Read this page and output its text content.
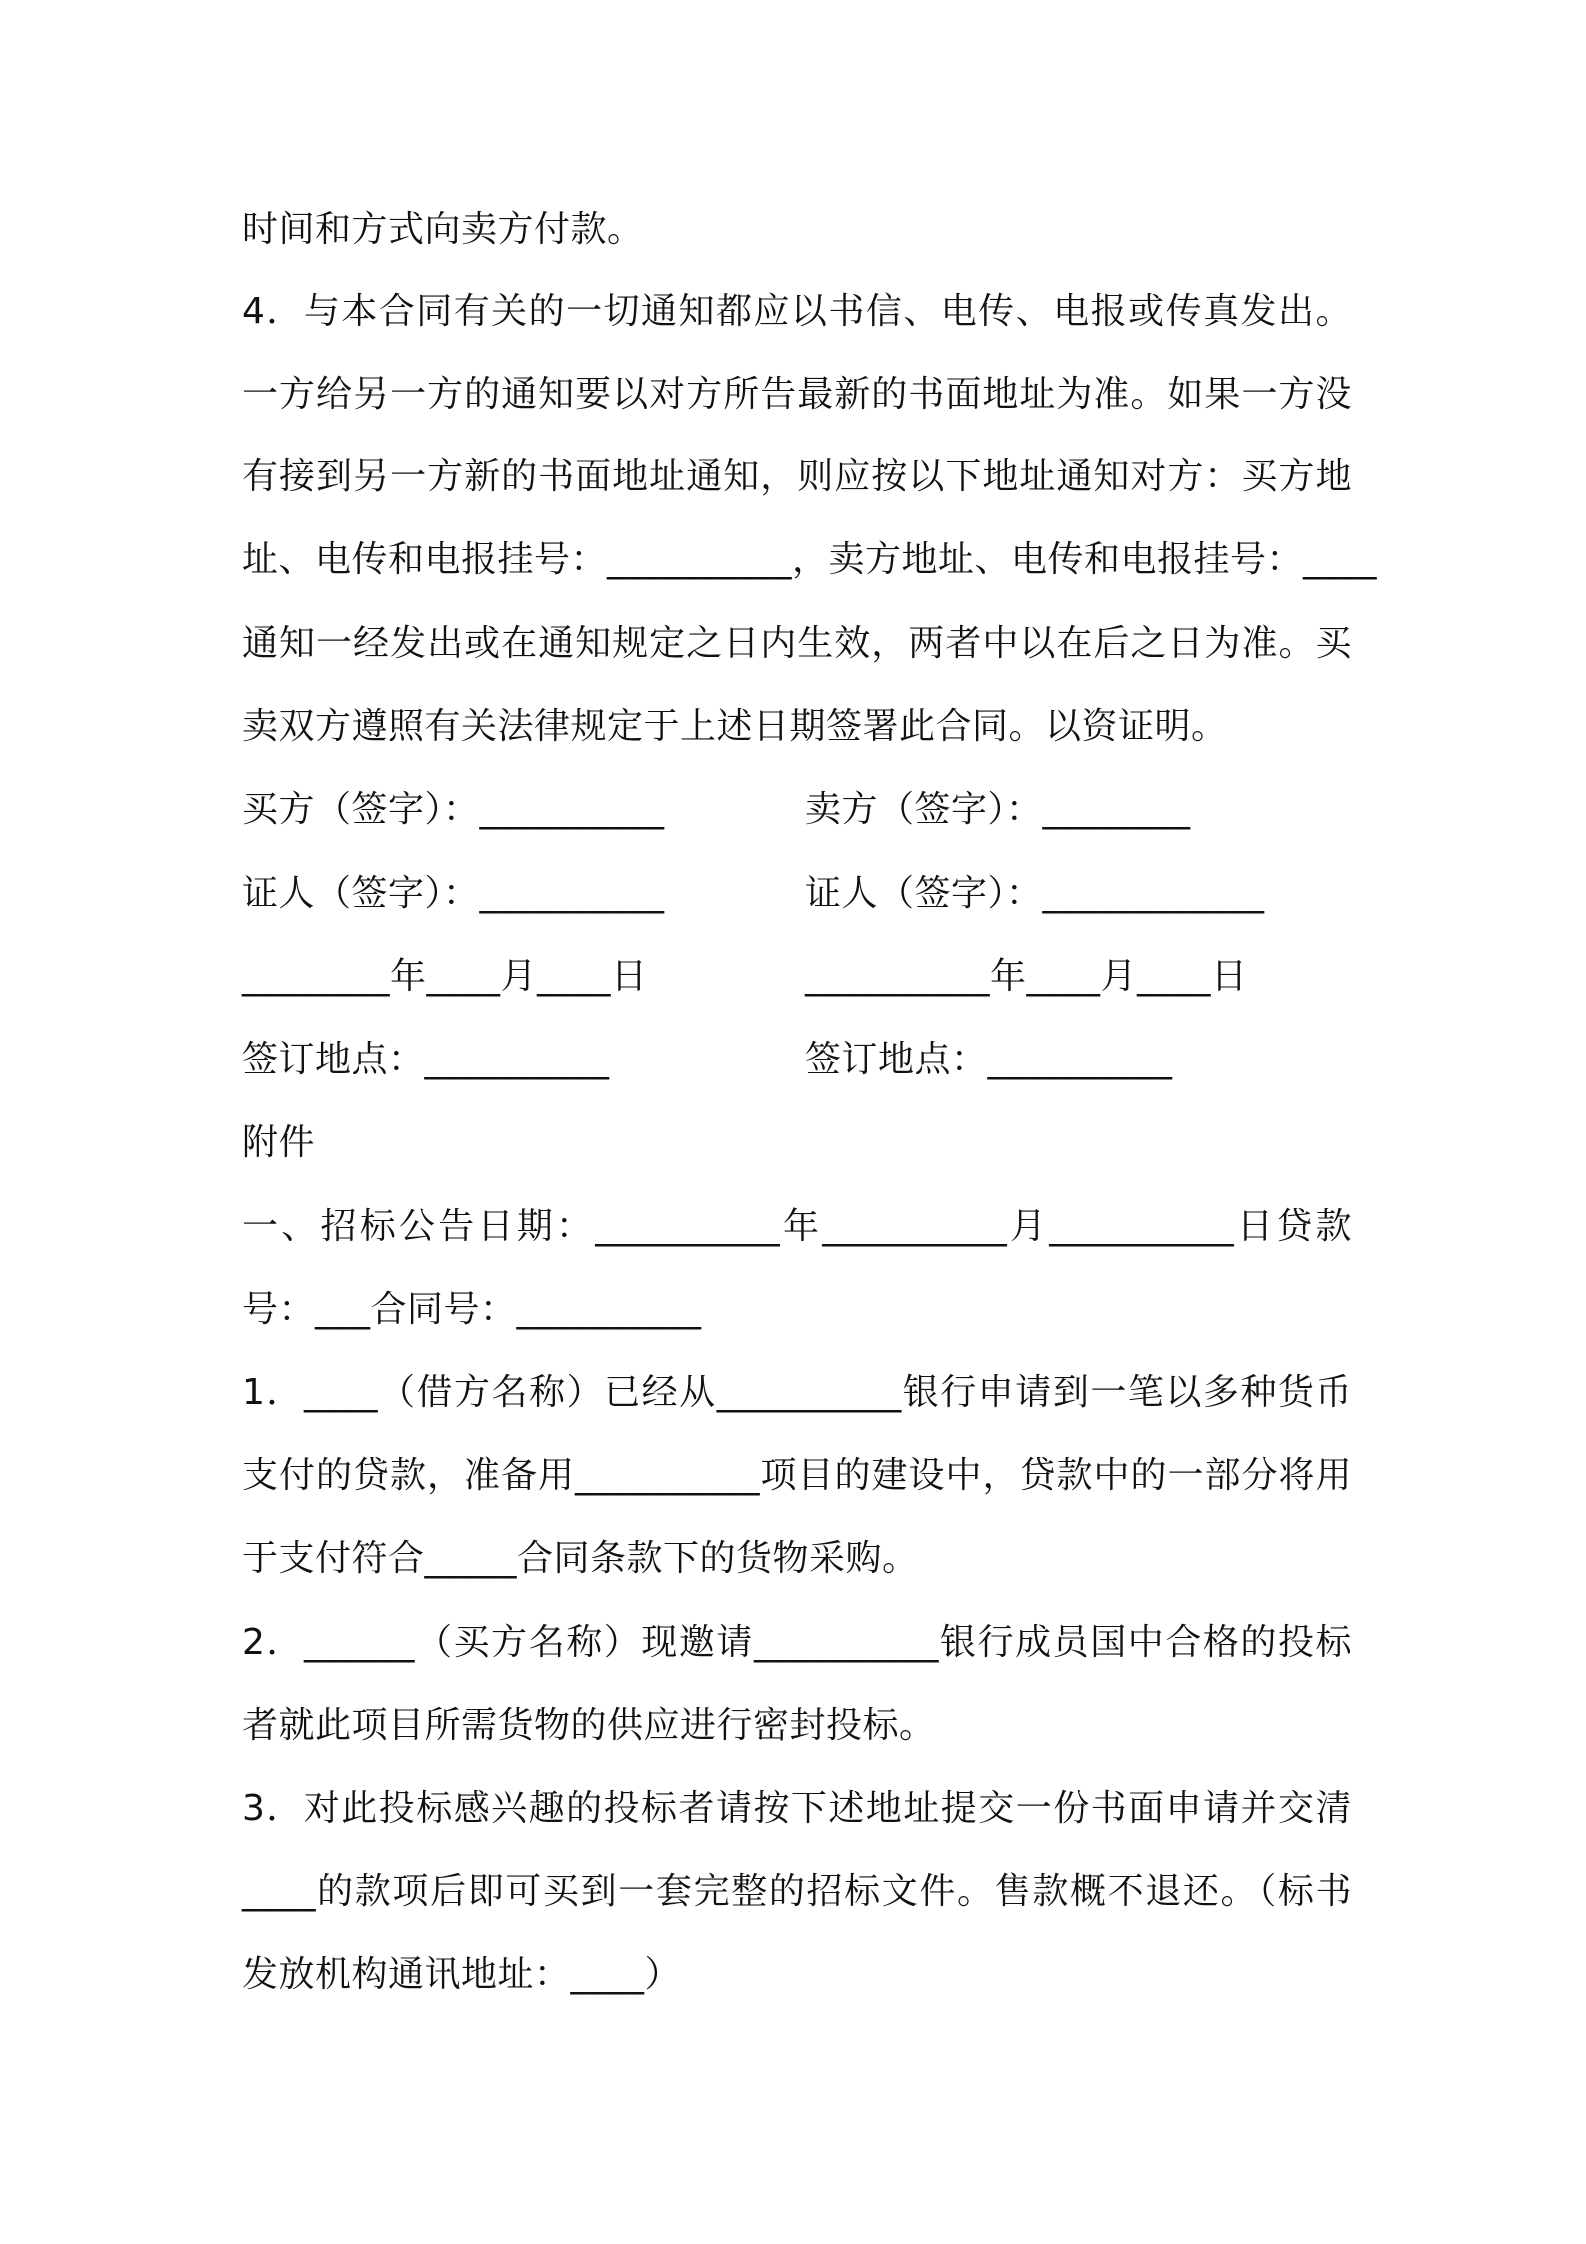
时间和方式向卖方付款。
4．与本合同有关的一切通知都应以书信、电传、电报或传真发出。
一方给另一方的通知要以对方所告最新的书面地址为准。如果一方没
有接到另一方新的书面地址通知，则应按以下地址通知对方：买方地
址、电传和电报挂号：__________，卖方地址、电传和电报挂号：____
通知一经发出或在通知规定之日内生效，两者中以在后之日为准。买
卖双方遵照有关法律规定于上述日期签署此合同。以资证明。
买方（签字）：__________	卖方（签字）：________
证人（签字）：__________	证人（签字）：____________
________年____月____日	__________年____月____日
签订地点：__________	签订地点：__________
附件
一、招标公告日期：__________年__________月__________日贷款
号：___合同号：__________
1．____（借方名称）已经从__________银行申请到一笔以多种货币
支付的贷款，准备用__________项目的建设中，贷款中的一部分将用
于支付符合_____合同条款下的货物采购。
2．______（买方名称）现邀请__________银行成员国中合格的投标
者就此项目所需货物的供应进行密封投标。
3．对此投标感兴趣的投标者请按下述地址提交一份书面申请并交清
____的款项后即可买到一套完整的招标文件。售款概不退还。（标书
发放机构通讯地址：____）
